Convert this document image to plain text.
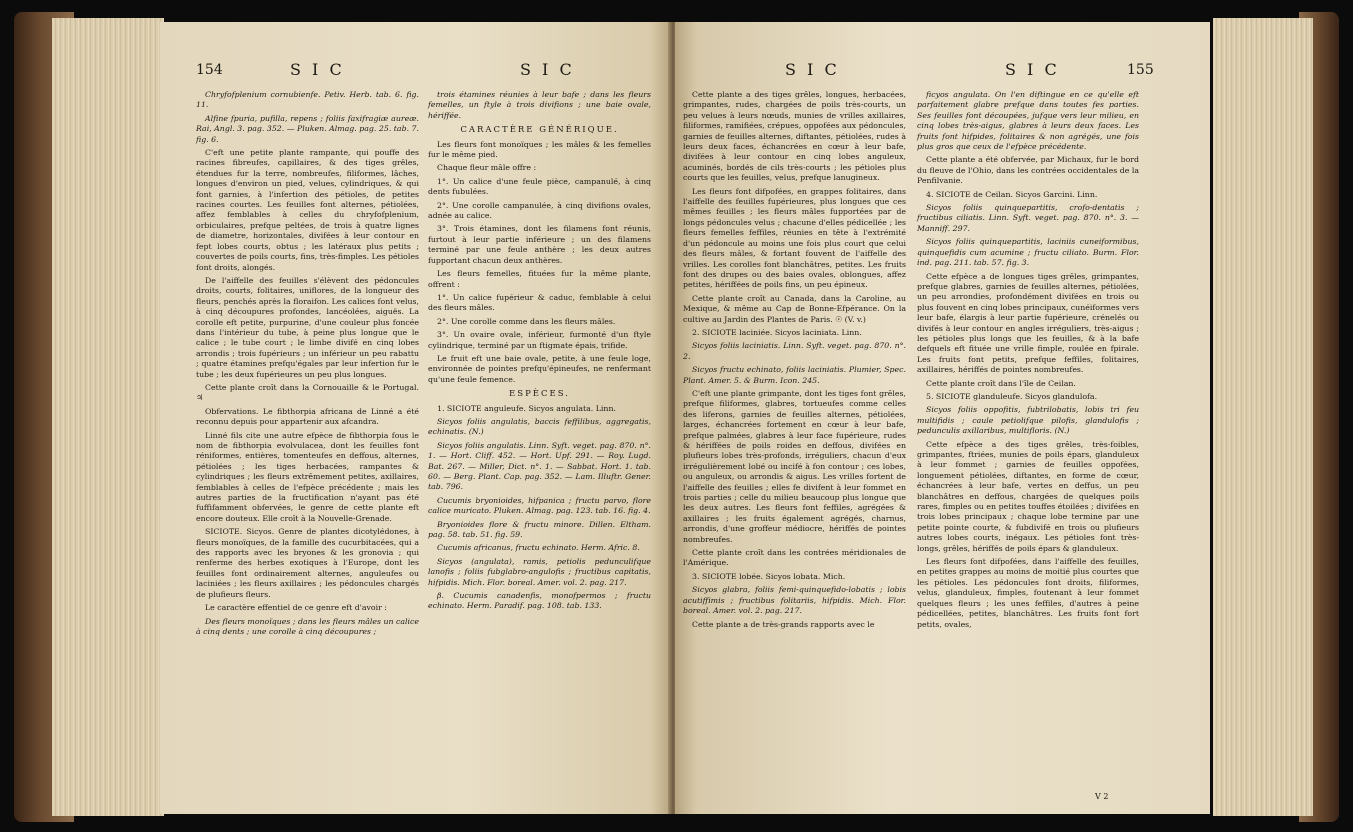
154	S I C	S I C

Chryfofplenium cornubienfe. Petiv. Herb. tab. 6. fig. 11.

Alfine fpuria, pufilla, repens ; foliis faxifragiæ aureæ. Rai, Angl. 3. pag. 352. — Pluken. Almag. pag. 25. tab. 7. fig. 6.

C'eft une petite plante rampante, qui pouffe des racines fibreufes, capillaires, & des tiges grêles, étendues fur la terre, nombreufes, filiformes, lâches, longues d'environ un pied, velues, cylindriques, & qui font garnies, à l'infertion des pétioles, de petites racines courtes. Les feuilles font alternes, pétiolées, affez femblables à celles du chryfofplenium, orbiculaires, prefque peltées, de trois à quatre lignes de diametre, horizontales, divifées à leur contour en fept lobes courts, obtus ; les latéraux plus petits ; couvertes de poils courts, fins, très-fimples. Les pétioles font droits, alongés.

De l'aiffelle des feuilles s'élèvent des pédoncules droits, courts, folitaires, uniflores, de la longueur des fleurs, penchés après la floraifon. Les calices font velus, à cinq découpures profondes, lancéolées, aiguës. La corolle eft petite, purpurine, d'une couleur plus foncée dans l'intérieur du tube, à peine plus longue que le calice ; le tube court ; le limbe divifé en cinq lobes arrondis ; trois fupérieurs ; un inférieur un peu rabattu ; quatre étamines prefqu'égales par leur infertion fur le tube ; les deux fupérieures un peu plus longues.

Cette plante croît dans la Cornouaille & le Portugal. ♃

Obfervations. Le fibthorpia africana de Linné a été reconnu depuis pour appartenir aux afcandra.

Linné fils cite une autre efpèce de fibthorpia fous le nom de fibthorpia evolvulacea, dont les feuilles font réniformes, entières, tomenteufes en deffous, alternes, pétiolées ; les tiges herbacées, rampantes & cylindriques ; les fleurs extrêmement petites, axillaires, femblables à celles de l'efpèce précédente ; mais les autres parties de la fructification n'ayant pas été fuffifamment obfervées, le genre de cette plante eft encore douteux. Elle croît à la Nouvelle-Grenade.

SICIOTE. Sicyos. Genre de plantes dicotylédones, à fleurs monoïques, de la famille des cucurbitacées, qui a des rapports avec les bryones & les gronovia ; qui renferme des herbes exotiques à l'Europe, dont les feuilles font ordinairement alternes, anguleufes ou laciniées ; les fleurs axillaires ; les pédoncules chargés de plufieurs fleurs.

Le caractère effentiel de ce genre eft d'avoir :

Des fleurs monoïques ; dans les fleurs mâles un calice à cinq dents ; une corolle à cinq découpures ;

trois étamines réunies à leur bafe ; dans les fleurs femelles, un ftyle à trois divifions ; une baie ovale, hériffée.

CARACTÈRE GÉNÉRIQUE.

Les fleurs font monoïques ; les mâles & les femelles fur le même pied.

Chaque fleur mâle offre :

1°. Un calice d'une feule pièce, campanulé, à cinq dents fubulées.

2°. Une corolle campanulée, à cinq divifions ovales, adnée au calice.

3°. Trois étamines, dont les filamens font réunis, furtout à leur partie inférieure ; un des filamens terminé par une feule anthère ; les deux autres fupportant chacun deux anthères.

Les fleurs femelles, fituées fur la même plante, offrent :

1°. Un calice fupérieur & caduc, femblable à celui des fleurs mâles.

2°. Une corolle comme dans les fleurs mâles.

3°. Un ovaire ovale, inférieur, furmonté d'un ftyle cylindrique, terminé par un ftigmate épais, trifide.

Le fruit eft une baie ovale, petite, à une feule loge, environnée de pointes prefqu'épineufes, ne renfermant qu'une feule femence.

ESPÈCES.

1. SICIOTE anguleufe. Sicyos angulata. Linn.

Sicyos foliis angulatis, baccis feffilibus, aggregatis, echinatis. (N.)

Sicyos foliis angulatis. Linn. Syft. veget. pag. 870. n°. 1. — Hort. Cliff. 452. — Hort. Upf. 291. — Roy. Lugd. Bat. 267. — Miller, Dict. n°. 1. — Sabbat. Hort. 1. tab. 60. — Berg. Plant. Cap. pag. 352. — Lam. Illuftr. Gener. tab. 796.

Cucumis bryonioides, hifpanica ; fructu parvo, flore calice muricato. Pluken. Almag. pag. 123. tab. 16. fig. 4.

Bryonioides flore & fructu minore. Dillen. Eltham. pag. 58. tab. 51. fig. 59.

Cucumis africanus, fructu echinato. Herm. Afric. 8.

Sicyos (angulata), ramis, petiolis pedunculifque lanofis ; foliis fubglabro-angulofis ; fructibus capitatis, hifpidis. Mich. Flor. boreal. Amer. vol. 2. pag. 217.

β. Cucumis canadenfis, monofpermos ; fructu echinato. Herm. Paradif. pag. 108. tab. 133.

S I C	S I C	155

Cette plante a des tiges grêles, longues, herbacées, grimpantes, rudes, chargées de poils très-courts, un peu velues à leurs nœuds, munies de vrilles axillaires, filiformes, ramifiées, crépues, oppofées aux pédoncules, garnies de feuilles alternes, diftantes, pétiolées, rudes à leurs deux faces, échancrées en cœur à leur bafe, divifées à leur contour en cinq lobes anguleux, acuminés, bordés de cils très-courts ; les pétioles plus courts que les feuilles, velus, prefque lanugineux.

Les fleurs font difpofées, en grappes folitaires, dans l'aiffelle des feuilles fupérieures, plus longues que ces mêmes feuilles ; les fleurs mâles fupportées par de longs pédoncules velus ; chacune d'elles pédicellée ; les fleurs femelles feffiles, réunies en tête à l'extrémité d'un pédoncule au moins une fois plus court que celui des fleurs mâles, & fortant fouvent de l'aiffelle des vrilles. Les corolles font blanchâtres, petites. Les fruits font des drupes ou des baies ovales, oblongues, affez petites, hériffées de poils fins, un peu épineux.

Cette plante croît au Canada, dans la Caroline, au Mexique, & même au Cap de Bonne-Efpérance. On la cultive au Jardin des Plantes de Paris. ☉ (V. v.)

2. SICIOTE laciniée. Sicyos laciniata. Linn.

Sicyos foliis laciniatis. Linn. Syft. veget. pag. 870. n°. 2.

Sicyos fructu echinato, foliis laciniatis. Plumier, Spec. Plant. Amer. 5. & Burm. Icon. 245.

C'eft une plante grimpante, dont les tiges font grêles, prefque filiformes, glabres, tortueufes comme celles des liferons, garnies de feuilles alternes, pétiolées, larges, échancrées fortement en cœur à leur bafe, prefque palmées, glabres à leur face fupérieure, rudes & hériffées de poils roides en deffous, divifées en plufieurs lobes très-profonds, irréguliers, chacun d'eux irrégulièrement lobé ou incifé à fon contour ; ces lobes, ou anguleux, ou arrondis & aigus. Les vrilles fortent de l'aiffelle des feuilles ; elles fe divifent à leur fommet en trois parties ; celle du milieu beaucoup plus longue que les deux autres. Les fleurs font feffiles, agrégées & axillaires ; les fruits également agrégés, charnus, arrondis, d'une groffeur médiocre, hériffés de pointes nombreufes.

Cette plante croît dans les contrées méridionales de l'Amérique.

3. SICIOTE lobée. Sicyos lobata. Mich.

Sicyos glabra, foliis femi-quinquefido-lobatis ; lobis acutiffimis ; fructibus folitariis, hifpidis. Mich. Flor. boreal. Amer. vol. 2. pag. 217.

Cette plante a de très-grands rapports avec le

ficyos angulata. On l'en diftingue en ce qu'elle eft parfaitement glabre prefque dans toutes fes parties. Ses feuilles font découpées, jufque vers leur milieu, en cinq lobes très-aigus, glabres à leurs deux faces. Les fruits font hifpides, folitaires & non agrégés, une fois plus gros que ceux de l'efpèce précédente.

Cette plante a été obfervée, par Michaux, fur le bord du fleuve de l'Ohio, dans les contrées occidentales de la Penfilvanie.

4. SICIOTE de Ceilan. Sicyos Garcini. Linn.

Sicyos foliis quinquepartitis, crofo-dentatis ; fructibus ciliatis. Linn. Syft. veget. pag. 870. n°. 3. — Manniff. 297.

Sicyos foliis quinquepartitis, laciniis cuneiformibus, quinquefidis cum acumine ; fructu ciliato. Burm. Flor. ind. pag. 211. tab. 57. fig. 3.

Cette efpèce a de longues tiges grêles, grimpantes, prefque glabres, garnies de feuilles alternes, pétiolées, un peu arrondies, profondément divifées en trois ou plus fouvent en cinq lobes principaux, cunéiformes vers leur bafe, élargis à leur partie fupérieure, crénelés ou divifés à leur contour en angles irréguliers, très-aigus ; les pétioles plus longs que les feuilles, & à la bafe defquels eft fituée une vrille fimple, roulée en fpirale. Les fruits font petits, prefque feffiles, folitaires, axillaires, hériffés de pointes nombreufes.

Cette plante croît dans l'île de Ceilan.

5. SICIOTE glanduleufe. Sicyos glandulofa.

Sicyos foliis oppofitis, fubtrilobatis, lobis tri feu multifidis ; caule petiolifque pilofis, glandulofis ; pedunculis axillaribus, multifloris. (N.)

Cette efpèce a des tiges grêles, très-foibles, grimpantes, ftriées, munies de poils épars, glanduleux à leur fommet ; garnies de feuilles oppofées, longuement pétiolées, diftantes, en forme de cœur, échancrées à leur bafe, vertes en deffus, un peu blanchâtres en deffous, chargées de quelques poils rares, fimples ou en petites touffes étoilées ; divifées en trois lobes principaux ; chaque lobe termine par une petite pointe courte, & fubdivifé en trois ou plufieurs autres lobes courts, inégaux. Les pétioles font très-longs, grêles, hériffés de poils épars & glanduleux.

Les fleurs font difpofées, dans l'aiffelle des feuilles, en petites grappes au moins de moitié plus courtes que les pétioles. Les pédoncules font droits, filiformes, velus, glanduleux, fimples, foutenant à leur fommet quelques fleurs ; les unes feffiles, d'autres à peine pédicellées, petites, blanchâtres. Les fruits font fort petits, ovales,

V 2
